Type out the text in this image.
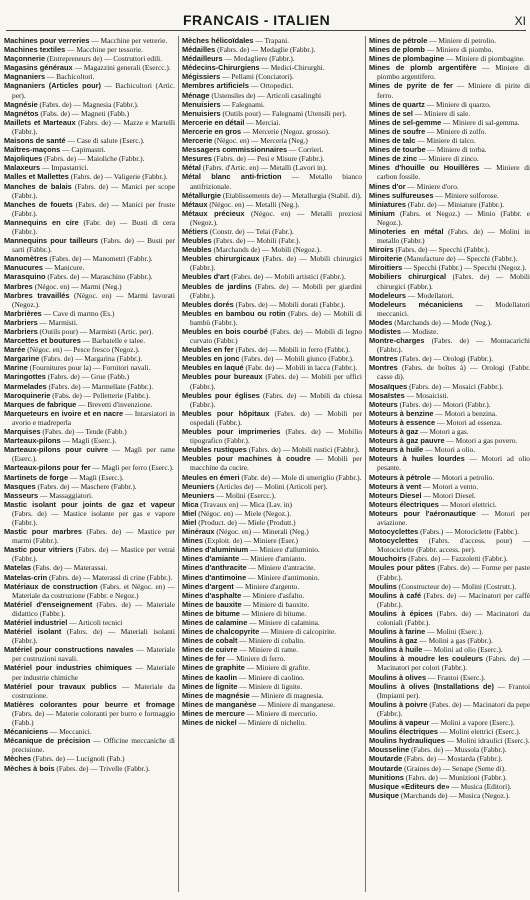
FRANCAIS - ITALIEN	XI

Machines pour verreries — Macchine per vetrerie.

Machines textiles — Macchine per tessorie.

Maçonnerie (Entrepreneurs de) — Costruttori edili.

Magasins généraux — Magazzini generali (Esercc.).

Magnaniers — Bachicoltori.

Magnaniers (Articles pour) — Bachicultori (Artic. per).

Magnésie (Fabrs. de) — Magnesia (Fabbr.).

Magnétos (Fabs. de) — Magneti (Fabb.)

Maillets et Marteaux (Fabrs. de) — Mazze e Martelli (Fabbr.).

Maisons de santé — Case di salute (Eserc.).

Maîtres-maçons — Capimastri.

Majoliques (Fabrs. de) — Maioliche (Fabbr.).

Malaxeurs — Impastatrici.

Malles et Mallettes (Fabrs. de) — Valigerie (Fabbr.).

Manches de balais (Fabrs. de) — Manici per scope (Fabbr.).

Manches de fouets (Fabrs. de) — Manici per fruste (Fabbr.).

Mannequins en cire (Fabr. de) — Busti di cera (Fabbr.).

Mannequins pour tailleurs (Fabrs. de) — Busti per sarti (Fabbr.).

Manomètres (Fabrs. de) — Manometri (Fabbr.).

Manucures — Manicure.

Marasquino (Fabrs. de) — Maraschino (Fabbr.).

Marbres (Négoc. en) — Marmi (Neg.)

Marbres travaillés (Négoc. en) — Marmi lavorati (Negoz.).

Marbrières — Cave di marmo (Es.)

Marbriers — Marmisti.

Marbriers (Outils pour) — Marmisti (Artic. per).

Marcettes et boutures — Barbatelle e talee.

Marée (Négoc. en) — Pesce fresco (Negoz.).

Margarine (Fabrs. de) — Margarina (Fabbr.).

Marine (Fournitures pour la) — Fornitori navali.

Maringottes (Fabrs. de) — Grue (Fabb.)

Marmelades (Fabrs. de) — Marmellate (Fabbr.).

Maroquinerie (Fabs. de) — Pelletterie (Fabbr.).

Marques de fabrique — Brevetti d'invenzione.

Marqueteurs en ivoire et en nacre — Intarsiatori in avorio e madreperla

Marquises (Fabrs. de) — Tende (Fabb.)

Marteaux-pilons — Magli (Eserc.).

Marteaux-pilons pour cuivre — Magli per rame (Eserc.).

Marteaux-pilons pour fer — Magli per ferro (Eserc.).

Martinets de forge — Magli (Eserc.).

Masques (Fabrs. de) — Maschere (Fabbr.).

Masseurs — Massaggiatori.

Mastic isolant pour joints de gaz et vapeur (Fabrs. de) — Mastice isolante per gas e vapore (Fabbr.).

Mastic pour marbres (Fabrs. de) — Mastice per marmi (Fabbr.).

Mastic pour vitriers (Fabrs. de) — Mastice per vetrai (Fabbr.).

Matelas (Fabs. de) — Materassai.

Matelas-crin (Fabrs. de) — Materassi di crine (Fabbr.).

Matériaux de construction (Fabrs. et Négoc. en) — Materiale da costruzione (Fabbr. e Negoz.)

Matériel d'enseignement (Fabrs. de) — Materiale didattico (Fabbr.).

Matériel industriel — Articoli tecnici

Matériel isolant (Fabrs. de) — Materiali isolanti (Fabbr.).

Matériel pour constructions navales — Materiale per costruzioni navali.

Matériel pour industries chimiques — Materiale per industrie chimiche

Matériel pour travaux publics — Materiale da costruzione.

Matières colorantes pour beurre et fromage (Fabrs. de) — Materie coloranti per burro e formaggio (Fabb.)

Mécaniciens — Meccanici.

Mécanique de précision — Officine meccaniche di precisione.

Mèches (Fabrs. de) — Lucignoli (Fab.)

Mèches à bois (Fabrs. de) — Trivelle (Fabbr.).

Mèches hélicoïdales — Trapani.

Médailles (Fabrs. de) — Medaglie (Fabbr.).

Médailleurs — Medagliere (Fabbr.).

Médecins-Chirurgiens — Medici-Chirurghi.

Mégissiers — Pellami (Conciatori).

Membres artificiels — Ortopedici.

Ménage (Ustensiles de) — Articoli casalinghi

Menuisiers — Falegnami.

Menuisiers (Outils pour) — Falegnami (Utensili per).

Mercerie en détail — Merciai.

Mercerie en gros — Mercerie (Negoz. grosso).

Mercerie (Négoc. en) — Merceria (Neg.)

Messagers commissionnaires — Corrieri.

Mesures (Fabrs. de) — Pesi e Misure (Fabbr.).

Métal (Fabrs. d'Artic. en) — Metalli (Lavori in).

Métal blanc anti-friction — Metallo bianco antifrizionale.

Métallurgie (Etablissements de) — Metallurgia (Stabil. di).

Métaux (Négoc. en) — Metalli (Neg.).

Métaux précieux (Négoc. en) — Metalli preziosi (Negoz.).

Métiers (Constr. de) — Telai (Fabr.).

Meubles (Fabrs. de) — Mobili (Fabr.).

Meubles (Marchands de) — Mobili (Negoz.).

Meubles chirurgicaux (Fabrs. de) — Mobili chirurgici (Fabbr.).

Meubles d'art (Fabrs. de) — Mobili artistici (Fabbr.).

Meubles de jardins (Fabrs. de) — Mobili per giardini (Fabbr.).

Meubles dorés (Fabrs. de) — Mobili dorati (Fabbr.).

Meubles en bambou ou rotin (Fabrs. de) — Mobili di bambù (Fabbr.).

Meubles en bois courbé (Fabrs. de) — Mobili di legno curvato (Fabbr.)

Meubles en fer (Fabrs. de) — Mobili in ferro (Fabbr.).

Meubles en jonc (Fabrs. de) — Mobili giunco (Fabbr.).

Meubles en laqué (Fabr. de) — Mobili in lacca (Fabbr.).

Meubles pour bureaux (Fabrs. de) — Mobili per uffici (Fabbr.).

Meubles pour églises (Fabrs. de) — Mobili da chiesa (Fabbr.).

Meubles pour hôpitaux (Fabrs. de) — Mobili per ospedali (Fabbr.).

Meubles pour imprimeries (Fabrs. de) — Mobilio tipografico (Fabbr.).

Meubles rustiques (Fabrs. de) — Mobili rustici (Fabbr.).

Meubles pour machines à coudre — Mobili per macchine da cucire.

Meules en émeri (Fabr. de) — Mole di smeriglio (Fabbr.).

Meuniers (Articles de) — Molini (Articoli per).

Meuniers — Molini (Esercc.).

Mica (Travaux en) — Mica (Lav. in)

Miel (Négoc. en) — Miele (Negoz.).

Miel (Product. de) — Miele (Produtt.)

Minéraux (Négoc. en) — Minerali (Neg.)

Mines (Exploit. de) — Miniere (Eser.)

Mines d'aluminium — Miniere d'alluminio.

Mines d'amiante — Miniere d'amianto.

Mines d'anthracite — Miniere d'antracite.

Mines d'antimoine — Miniere d'antimonio.

Mines d'argent — Miniere d'argento.

Mines d'asphalte — Miniere d'asfalto.

Mines de bauxite — Miniere di bauxite.

Mines de bitume — Miniere di bitume.

Mines de calamine — Miniere di calamina.

Mines de chalcopyrite — Miniere di calcopirite.

Mines de cobalt — Miniere di cobalto.

Mines de cuivre — Miniere di rame.

Mines de fer — Miniere di ferro.

Mines de graphite — Miniere di grafite.

Mines de kaolin — Miniere di caolino.

Mines de lignite — Miniere di lignite.

Mines de magnésie — Miniere di magnesia.

Mines de manganèse — Miniere di manganese.

Mines de mercure — Miniere di mercurio.

Mines de nickel — Miniere di nichelio.

Mines de pétrole — Miniere di petrolio.

Mines de plomb — Miniere di piombo.

Mines de plombagine — Miniere di piombagine.

Mines de plomb argentifère — Miniere di piombo argentifero.

Mines de pyrite de fer — Miniere di pirite di ferro.

Mines de quartz — Miniere di quarzo.

Mines de sel — Miniere di sale.

Mines de sel-gemme — Miniere di sal-gemma.

Mines de soufre — Miniere di zolfo.

Mines de talc — Miniere di talco.

Mines de tourbe — Miniere di torba.

Mines de zinc — Miniere di zinco.

Mines d'houille ou Houillères — Miniere di carbon fossile.

Mines d'or — Miniere d'oro.

Mines sulfureuses — Miniere solforose.

Miniatures (Fabr. de) — Miniature (Fabbr.).

Minium (Fabrs. et Negoz.) — Minio (Fabbr. e Negoz.).

Minoteries en métal (Fabrs. de) — Molini in metallo (Fabbr.)

Miroirs (Fabrs. de) — Specchi (Fabbr.).

Miroiterie (Manufacture de) — Specchi (Fabbr.).

Miroitiers — Specchi (Fabbr.) — Specchi (Negoz.).

Mobiliers chirurgical (Fabrs. de) — Mobili chirurgici (Fabbr.).

Modeleurs — Modellatori.

Modeleurs mécaniciens — Modellatori meccanici.

Modes (Marchands de) — Mode (Neg.).

Modistes — Modiste.

Montre-charges (Fabrs. de) — Montacarichi (Fabbr.).

Montres (Fabrs. de) — Orologi (Fabbr.).

Montres (Fabrs. de boîtes à) — Orologi (Fabbr. casse di).

Mosaïques (Fabrs. de) — Mosaici (Fabbr.).

Mosaïstes — Mosaicisti.

Moteurs (Fabrs. de) — Motori (Fabbr.).

Moteurs à benzine — Motori a benzina.

Moteurs à essence — Motori ad essenza.

Moteurs à gaz — Motori a gas.

Moteurs à gaz pauvre — Motori a gas povero.

Moteurs à huile — Motori a olio.

Moteurs à huiles lourdes — Motori ad olio pesante.

Moteurs à pétrole — Motori a petrolio.

Moteurs à vent — Motori a vento.

Moteurs Diesel — Motori Diesel.

Moteurs électriques — Motori elettrici.

Moteurs pour l'aéronautique — Motori per aviazione.

Motocyclettes (Fabrs.) — Motociclette (Fabbr.).

Motocyclettes (Fabrs. d'access. pour) — Motociclette (Fabbr. access. per).

Mouchoirs (Fabrs. de) — Fazzoletti (Fabbr.).

Moules pour pâtes (Fabrs. de) — Forme per paste (Fabbr.).

Moulins (Constructeur de) — Molini (Costrutt.).

Moulins à café (Fabrs. de) — Macinatori per caffè (Fabbr.).

Moulins à épices (Fabrs. de) — Macinatori da coloniali (Fabbr.).

Moulins à farine — Molini (Eserc.).

Moulins à gaz — Molini a gas (Fabbr.).

Moulins à huile — Molini ad olio (Eserc.).

Moulins à moudre les couleurs (Fabrs. de) — Macinatori per colori (Fabbr.).

Moulins à olives — Frantoi (Eserc.).

Moulins à olives (Installations de) — Frantoi (Impianti per).

Moulins à poivre (Fabrs. de) — Macinatori da pepe (Fabbr.).

Moulins à vapeur — Molini a vapore (Eserc.).

Moulins électriques — Molini elettrici (Eserc.).

Moulins hydrauliques — Molini idraulici (Eserc.).

Mousseline (Fabrs. de) — Mussola (Fabbr.).

Moutarde (Fabrs. de) — Mostarda (Fabbr.).

Moutarde (Graines de) — Senape (Seme di).

Munitions (Fabrs. de) — Munizioni (Fabbr.).

Musique «Editeurs de» — Musica (Editori).

Musique (Marchands de) — Musica (Negoz.).
